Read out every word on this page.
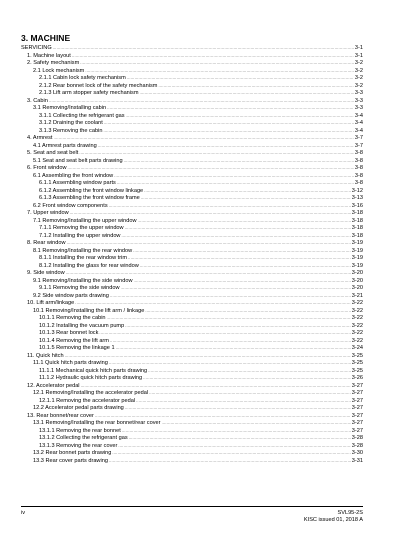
3. MACHINE
SERVICING .....	3-1
1. Machine layout .....	3-1
2. Safety mechanism .....	3-2
2.1 Lock mechanism .....	3-2
2.1.1 Cabin lock safety mechanism .....	3-2
2.1.2 Rear bonnet lock of the safety mechanism .....	3-2
2.1.3 Lift arm stopper safety mechanism .....	3-3
3. Cabin .....	3-3
3.1 Removing/Installing cabin .....	3-3
3.1.1 Collecting the refrigerant gas .....	3-4
3.1.2 Draining the coolant .....	3-4
3.1.3 Removing the cabin .....	3-4
4. Armrest .....	3-7
4.1 Armrest parts drawing .....	3-7
5. Seat and seat belt .....	3-8
5.1 Seat and seat belt parts drawing .....	3-8
6. Front window .....	3-8
6.1 Assembling the front window .....	3-8
6.1.1 Assembling window parts .....	3-8
6.1.2 Assembling the front window linkage .....	3-12
6.1.3 Assembling the front window frame .....	3-13
6.2 Front window components .....	3-16
7. Upper window .....	3-18
7.1 Removing/Installing the upper window .....	3-18
7.1.1 Removing the upper window .....	3-18
7.1.2 Installing the upper window .....	3-18
8. Rear window .....	3-19
8.1 Removing/Installing the rear window .....	3-19
8.1.1 Installing the rear window trim .....	3-19
8.1.2 Installing the glass for rear window .....	3-19
9. Side window .....	3-20
9.1 Removing/Installing the side window .....	3-20
9.1.1 Removing the side window .....	3-20
9.2 Side window parts drawing .....	3-21
10. Lift arm/linkage .....	3-22
10.1 Removing/Installing the lift arm / linkage .....	3-22
10.1.1 Removing the cabin .....	3-22
10.1.2 Installing the vacuum pump .....	3-22
10.1.3 Rear bonnet lock .....	3-22
10.1.4 Removing the lift arm .....	3-22
10.1.5 Removing the linkage 1 .....	3-24
11. Quick hitch .....	3-25
11.1 Quick hitch parts drawing .....	3-25
11.1.1 Mechanical quick hitch parts drawing .....	3-25
11.1.2 Hydraulic quick hitch parts drawing .....	3-26
12. Accelerator pedal .....	3-27
12.1 Removing/Installing the accelerator pedal .....	3-27
12.1.1 Removing the accelerator pedal .....	3-27
12.2 Accelerator pedal parts drawing .....	3-27
13. Rear bonnet/rear cover .....	3-27
13.1 Removing/Installing the rear bonnet/rear cover .....	3-27
13.1.1 Removing the rear bonnet .....	3-27
13.1.2 Collecting the refrigerant gas .....	3-28
13.1.3 Removing the rear cover .....	3-28
13.2 Rear bonnet parts drawing .....	3-30
13.3 Rear cover parts drawing .....	3-31
iv	SVL95-2S
KISC issued 01, 2018 A
